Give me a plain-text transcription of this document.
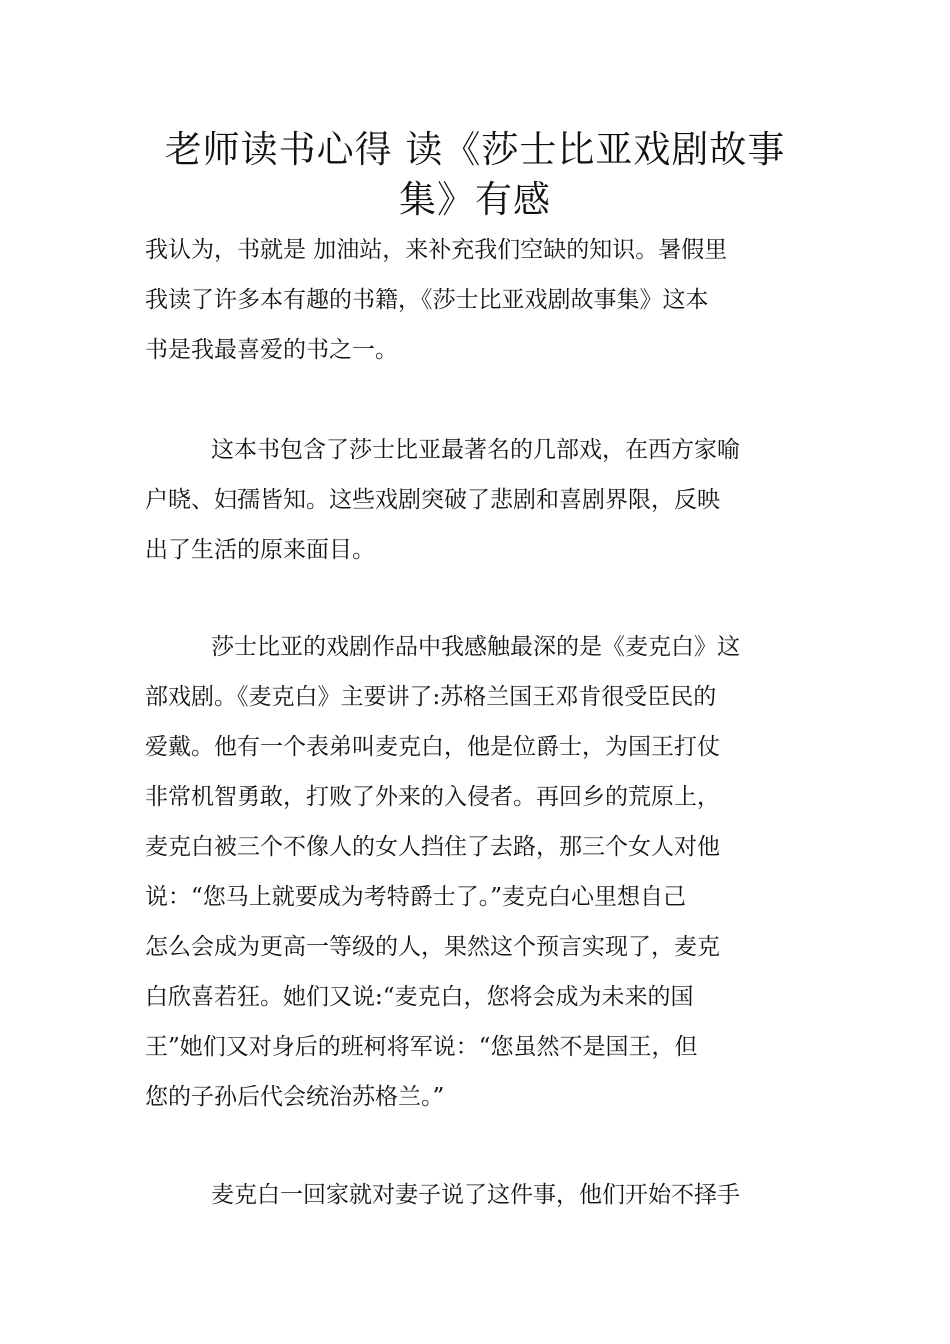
老师读书心得 读《莎士比亚戏剧故事
集》有感
我认为，书就是 加油站，来补充我们空缺的知识。暑假里
我读了许多本有趣的书籍，《莎士比亚戏剧故事集》这本
书是我最喜爱的书之一。
这本书包含了莎士比亚最著名的几部戏，在西方家喻
户晓、妇孺皆知。这些戏剧突破了悲剧和喜剧界限，反映
出了生活的原来面目。
莎士比亚的戏剧作品中我感触最深的是《麦克白》这
部戏剧。《麦克白》主要讲了:苏格兰国王邓肯很受臣民的
爱戴。他有一个表弟叫麦克白，他是位爵士，为国王打仗
非常机智勇敢，打败了外来的入侵者。再回乡的荒原上，
麦克白被三个不像人的女人挡住了去路，那三个女人对他
说：“您马上就要成为考特爵士了。”麦克白心里想自己
怎么会成为更高一等级的人，果然这个预言实现了，麦克
白欣喜若狂。她们又说:“麦克白，您将会成为未来的国
王”她们又对身后的班柯将军说：“您虽然不是国王，但
您的子孙后代会统治苏格兰。”
麦克白一回家就对妻子说了这件事，他们开始不择手
